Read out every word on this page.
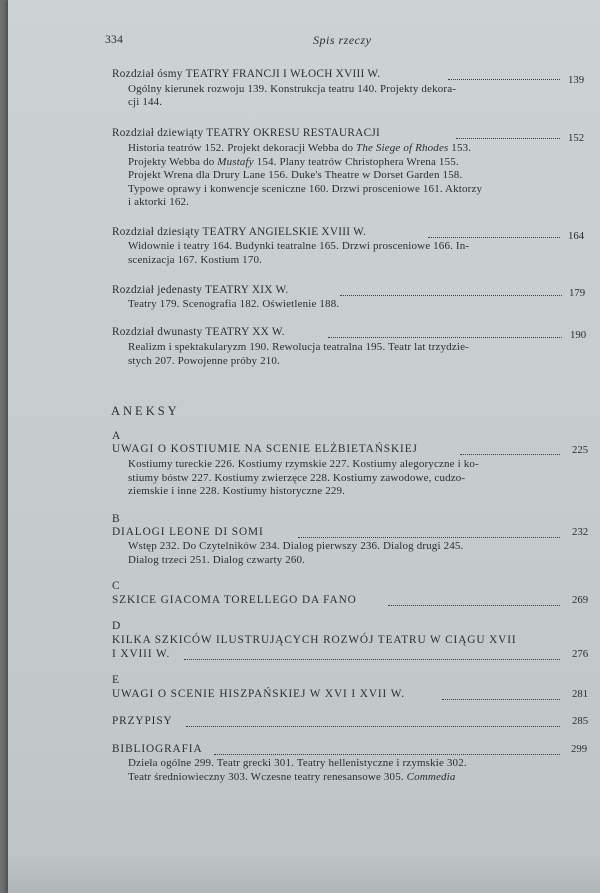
334	Spis rzeczy
Rozdział ósmy TEATRY FRANCJI I WŁOCH XVIII W.	139
Ogólny kierunek rozwoju 139. Konstrukcja teatru 140. Projekty dekora-
cji 144.
Rozdział dziewiąty TEATRY OKRESU RESTAURACJI	152
Historia teatrów 152. Projekt dekoracji Webba do The Siege of Rhodes 153.
Projekty Webba do Mustafy 154. Plany teatrów Christophera Wrena 155.
Projekt Wrena dla Drury Lane 156. Duke's Theatre w Dorset Garden 158.
Typowe oprawy i konwencje sceniczne 160. Drzwi prosceniowe 161. Aktorzy
i aktorki 162.
Rozdział dziesiąty TEATRY ANGIELSKIE XVIII W.	164
Widownie i teatry 164. Budynki teatralne 165. Drzwi prosceniowe 166. In-
scenizacja 167. Kostium 170.
Rozdział jedenasty TEATRY XIX W.	179
Teatry 179. Scenografia 182. Oświetlenie 188.
Rozdział dwunasty TEATRY XX W.	190
Realizm i spektakularyzm 190. Rewolucja teatralna 195. Teatr lat trzydzie-
stych 207. Powojenne próby 210.
ANEKSY
A
UWAGI O KOSTIUMIE NA SCENIE ELŻBIETAŃSKIEJ	225
Kostiumy tureckie 226. Kostiumy rzymskie 227. Kostiumy alegoryczne i ko-
stiumy bóstw 227. Kostiumy zwierzęce 228. Kostiumy zawodowe, cudzo-
ziemskie i inne 228. Kostiumy historyczne 229.
B
DIALOGI LEONE DI SOMI	232
Wstęp 232. Do Czytelników 234. Dialog pierwszy 236. Dialog drugi 245.
Dialog trzeci 251. Dialog czwarty 260.
C
SZKICE GIACOMA TORELLEGO DA FANO	269
D
KILKA SZKICÓW ILUSTRUJĄCYCH ROZWÓJ TEATRU W CIĄGU XVII
I XVIII W.	276
E
UWAGI O SCENIE HISZPAŃSKIEJ W XVI I XVII W.	281
PRZYPISY	285
BIBLIOGRAFIA	299
Dzieła ogólne 299. Teatr grecki 301. Teatry hellenistyczne i rzymskie 302.
Teatr średniowieczny 303. Wczesne teatry renesansowe 305. Commedia
